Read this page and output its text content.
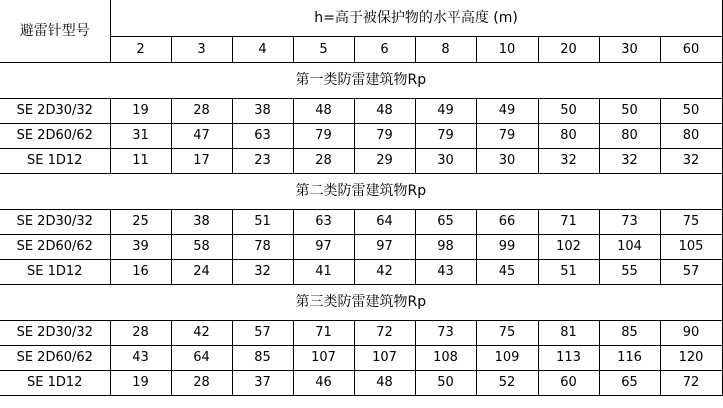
避雷针型号	h=高于被保护物的水平高度 (m)									
	2	3	4	5	6	8	10	20	30	60
第一类防雷建筑物Rp										
SE 2D30/32	19	28	38	48	48	49	49	50	50	50
SE 2D60/62	31	47	63	79	79	79	79	80	80	80
SE 1D12	11	17	23	28	29	30	30	32	32	32
第二类防雷建筑物Rp										
SE 2D30/32	25	38	51	63	64	65	66	71	73	75
SE 2D60/62	39	58	78	97	97	98	99	102	104	105
SE 1D12	16	24	32	41	42	43	45	51	55	57
第三类防雷建筑物Rp										
SE 2D30/32	28	42	57	71	72	73	75	81	85	90
SE 2D60/62	43	64	85	107	107	108	109	113	116	120
SE 1D12	19	28	37	46	48	50	52	60	65	72
